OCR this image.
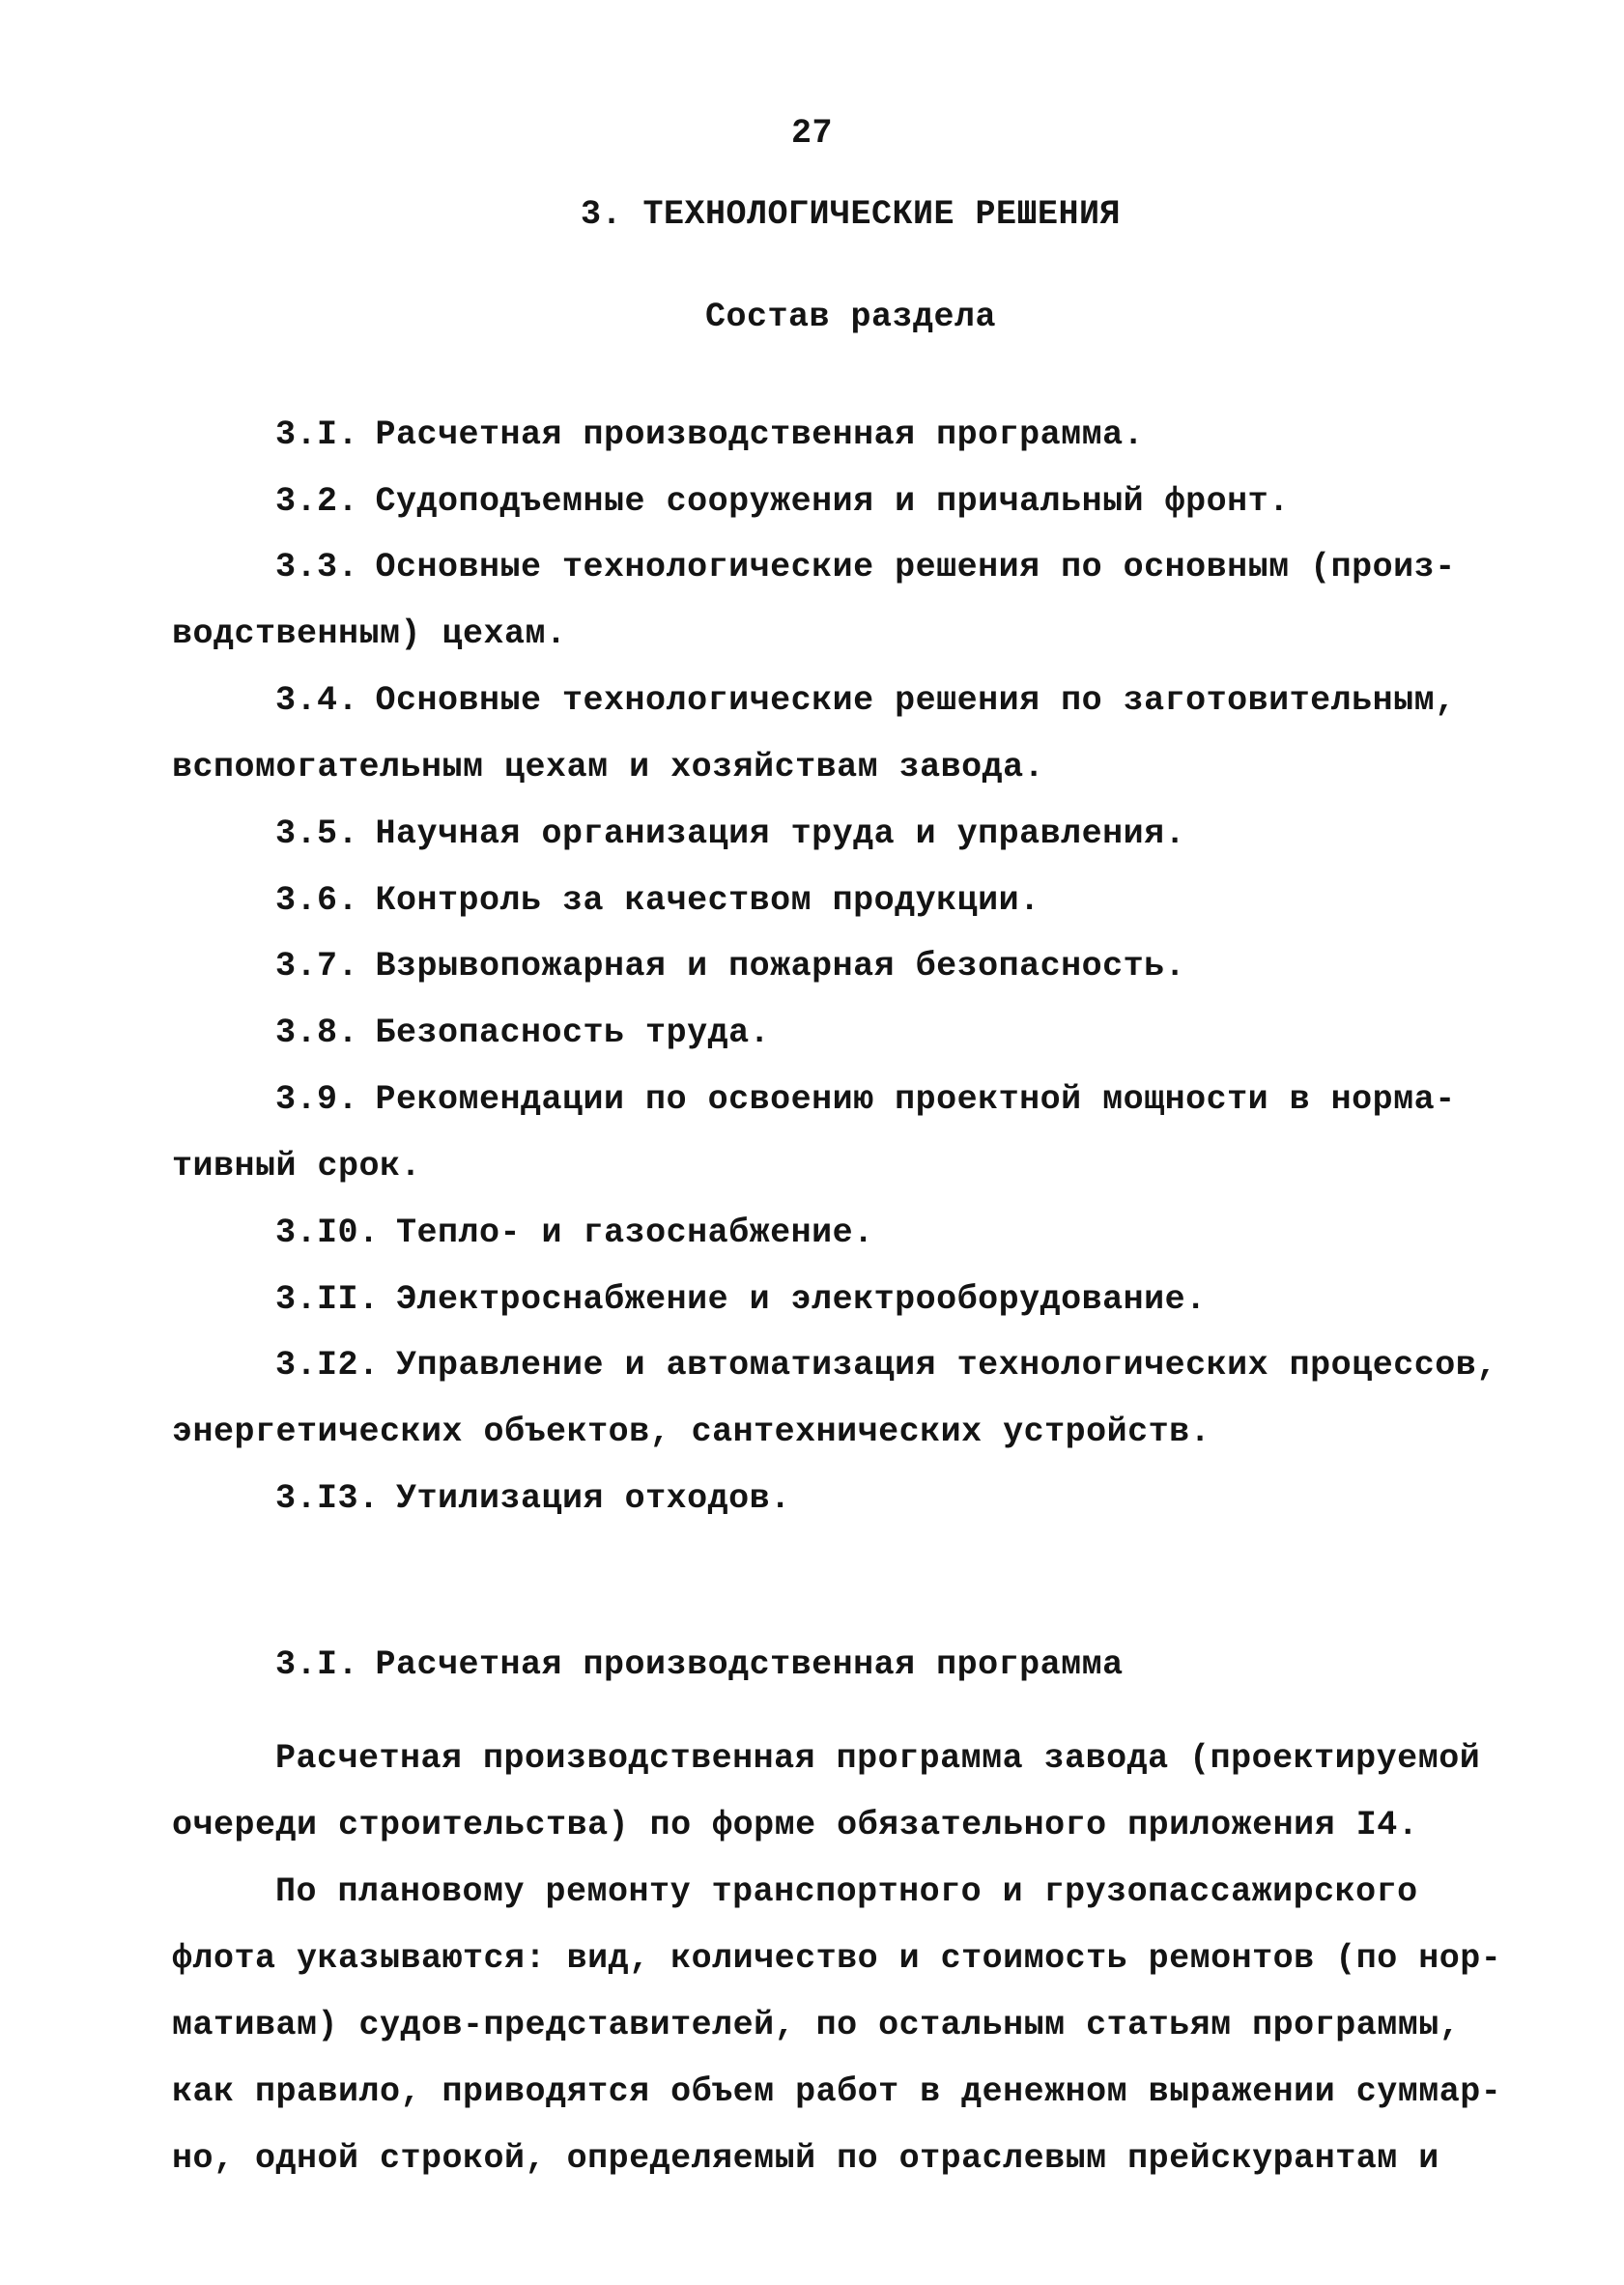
27
3. ТЕХНОЛОГИЧЕСКИЕ РЕШЕНИЯ
Состав раздела
3.I. Расчетная производственная программа.
3.2. Судоподъемные сооружения и причальный фронт.
3.3. Основные технологические решения по основным (произ-
водственным) цехам.
3.4. Основные технологические решения по заготовительным,
вспомогательным цехам и хозяйствам завода.
3.5. Научная организация труда и управления.
3.6. Контроль за качеством продукции.
3.7. Взрывопожарная и пожарная безопасность.
3.8. Безопасность труда.
3.9. Рекомендации по освоению проектной мощности в норма-
тивный срок.
3.I0. Тепло- и газоснабжение.
3.II. Электроснабжение и электрооборудование.
3.I2. Управление и автоматизация технологических процессов,
энергетических объектов, сантехнических устройств.
3.I3. Утилизация отходов.
3.I. Расчетная производственная программа
Расчетная производственная программа завода (проектируемой
очереди строительства) по форме обязательного приложения I4.
По плановому ремонту транспортного и грузопассажирского
флота указываются: вид, количество и стоимость ремонтов (по нор-
мативам) судов-представителей, по остальным статьям программы,
как правило, приводятся объем работ в денежном выражении суммар-
но, одной строкой, определяемый по отраслевым прейскурантам и
